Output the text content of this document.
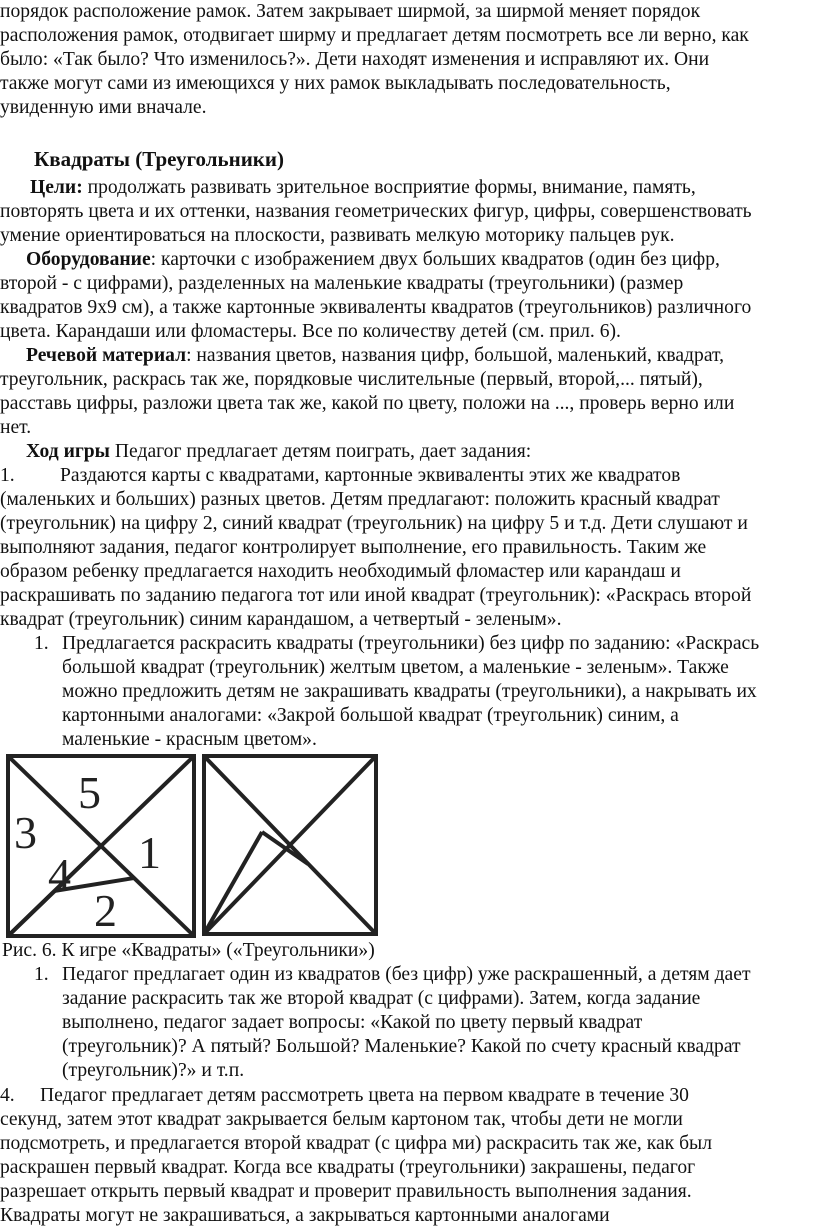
порядок расположение рамок. Затем закрывает ширмой, за ширмой меняет порядок
расположения рамок, отодвигает ширму и предлагает детям посмотреть все ли верно, как
было: «Так было? Что изменилось?». Дети находят изменения и исправляют их. Они
также могут сами из имеющихся у них рамок выкладывать последовательность,
увиденную ими вначале.
Квадраты (Треугольники)
Цели: продолжать развивать зрительное восприятие формы, внимание, память,
повторять цвета и их оттенки, названия геометрических фигур, цифры, совершенствовать
умение ориентироваться на плоскости, развивать мелкую моторику пальцев рук.
Оборудование: карточки с изображением двух больших квадратов (один без цифр,
второй - с цифрами), разделенных на маленькие квадраты (треугольники) (размер
квадратов 9х9 см), а также картонные эквиваленты квадратов (треугольников) различного
цвета. Карандаши или фломастеры. Все по количеству детей (см. прил. 6).
Речевой материал: названия цветов, названия цифр, большой, маленький, квадрат,
треугольник, раскрась так же, порядковые числительные (первый, второй,... пятый),
расставь цифры, разложи цвета так же, какой по цвету, положи на ..., проверь верно или
нет.
Ход игры Педагог предлагает детям поиграть, дает задания:
1. Раздаются карты с квадратами, картонные эквиваленты этих же квадратов
(маленьких и больших) разных цветов. Детям предлагают: положить красный квадрат
(треугольник) на цифру 2, синий квадрат (треугольник) на цифру 5 и т.д. Дети слушают и
выполняют задания, педагог контролирует выполнение, его правильность. Таким же
образом ребенку предлагается находить необходимый фломастер или карандаш и
раскрашивать по заданию педагога тот или иной квадрат (треугольник): «Раскрась второй
квадрат (треугольник) синим карандашом, а четвертый - зеленым».
1. Предлагается раскрасить квадраты (треугольники) без цифр по заданию: «Раскрась
большой квадрат (треугольник) желтым цветом, а маленькие - зеленым». Также
можно предложить детям не закрашивать квадраты (треугольники), а накрывать их
картонными аналогами: «Закрой большой квадрат (треугольник) синим, а
маленькие - красным цветом».
5
3 1
4
2
Рис. 6. К игре «Квадраты» («Треугольники»)
1. Педагог предлагает один из квадратов (без цифр) уже раскрашенный, а детям дает
задание раскрасить так же второй квадрат (с цифрами). Затем, когда задание
выполнено, педагог задает вопросы: «Какой по цвету первый квадрат
(треугольник)? А пятый? Большой? Маленькие? Какой по счету красный квадрат
(треугольник)?» и т.п.
4. Педагог предлагает детям рассмотреть цвета на первом квадрате в течение 30
секунд, затем этот квадрат закрывается белым картоном так, чтобы дети не могли
подсмотреть, и предлагается второй квадрат (с цифра ми) раскрасить так же, как был
раскрашен первый квадрат. Когда все квадраты (треугольники) закрашены, педагог
разрешает открыть первый квадрат и проверит правильность выполнения задания.
Квадраты могут не закрашиваться, а закрываться картонными аналогами
